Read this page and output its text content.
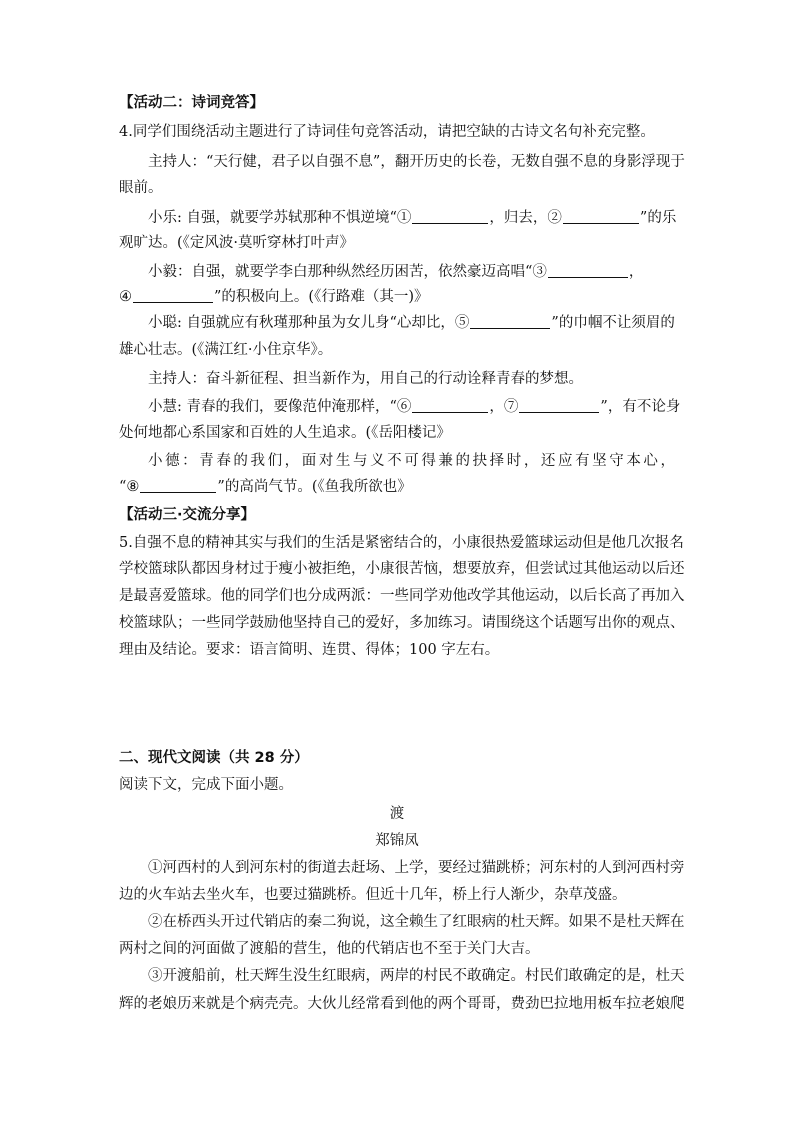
【活动二：诗词竞答】
4.同学们围绕活动主题进行了诗词佳句竞答活动，请把空缺的古诗文名句补充完整。
主持人：“天行健，君子以自强不息”，翻开历史的长卷，无数自强不息的身影浮现于
眼前。
小乐: 自强，就要学苏轼那种不惧逆境“①	，归去，②	”的乐
观旷达。(《定风波·莫听穿林打叶声》
小毅：自强，就要学李白那种纵然经历困苦，依然豪迈高唱“③	，
④	”的积极向上。(《行路难（其一)》
小聪: 自强就应有秋瑾那种虽为女儿身“心却比，⑤	”的巾帼不让须眉的
雄心壮志。(《满江红·小住京华》。
主持人：奋斗新征程、担当新作为，用自己的行动诠释青春的梦想。
小慧: 青春的我们，要像范仲淹那样，“⑥	，⑦	”，有不论身
处何地都心系国家和百姓的人生追求。(《岳阳楼记》
小德：青春的我们，面对生与义不可得兼的抉择时，还应有坚守本心，
“⑧	”的高尚气节。(《鱼我所欲也》
【活动三·交流分享】
5.自强不息的精神其实与我们的生活是紧密结合的，小康很热爱篮球运动但是他几次报名
学校篮球队都因身材过于瘦小被拒绝，小康很苦恼，想要放弃，但尝试过其他运动以后还
是最喜爱篮球。他的同学们也分成两派：一些同学劝他改学其他运动，以后长高了再加入
校篮球队；一些同学鼓励他坚持自己的爱好，多加练习。请围绕这个话题写出你的观点、
理由及结论。要求：语言简明、连贯、得体；100 字左右。
二、现代文阅读（共 28 分）
阅读下文，完成下面小题。
渡
郑锦凤
①河西村的人到河东村的街道去赶场、上学，要经过猫跳桥；河东村的人到河西村旁
边的火车站去坐火车，也要过猫跳桥。但近十几年，桥上行人渐少，杂草茂盛。
②在桥西头开过代销店的秦二狗说，这全赖生了红眼病的杜天辉。如果不是杜天辉在
两村之间的河面做了渡船的营生，他的代销店也不至于关门大吉。
③开渡船前，杜天辉生没生红眼病，两岸的村民不敢确定。村民们敢确定的是，杜天
辉的老娘历来就是个病壳壳。大伙儿经常看到他的两个哥哥，费劲巴拉地用板车拉老娘爬
